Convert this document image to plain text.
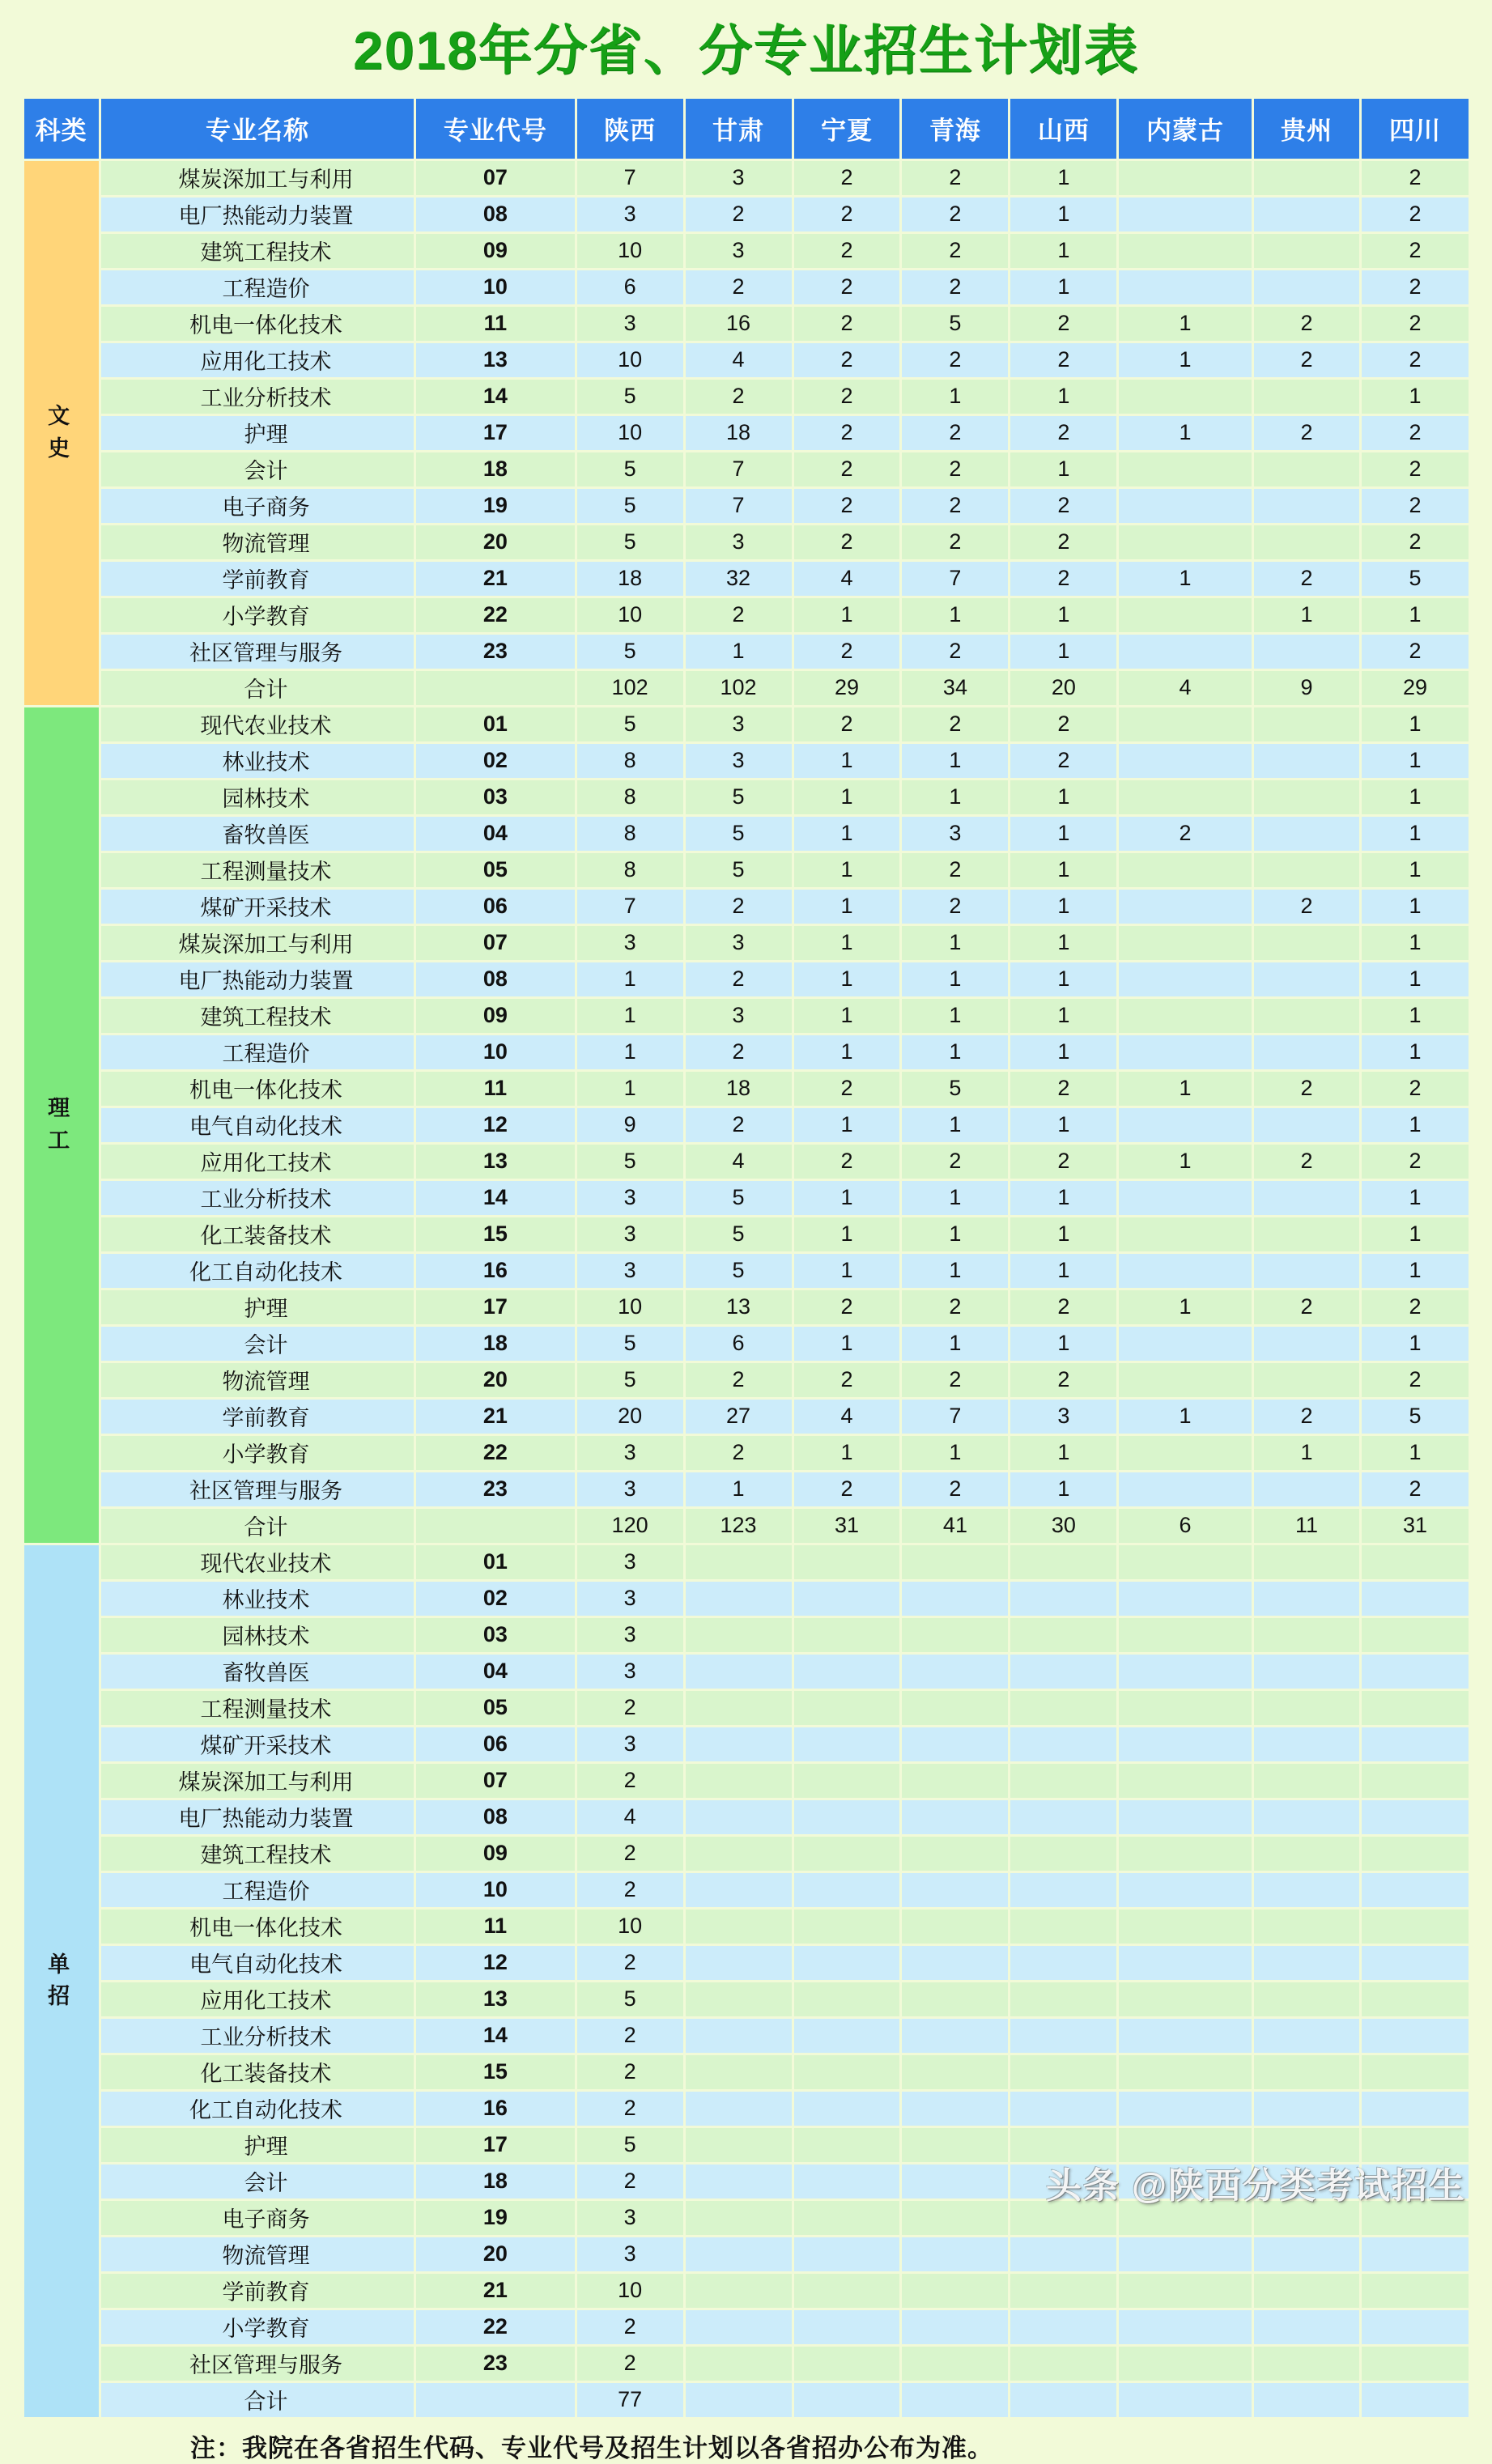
2018年分省、分专业招生计划表
科类	专业名称	专业代号	陕西	甘肃	宁夏	青海	山西	内蒙古	贵州	四川

文
史	煤炭深加工与利用	07	7	3	2	2	1			2
	电厂热能动力装置	08	3	2	2	2	1			2
	建筑工程技术	09	10	3	2	2	1			2
	工程造价	10	6	2	2	2	1			2
	机电一体化技术	11	3	16	2	5	2	1	2	2
	应用化工技术	13	10	4	2	2	2	1	2	2
	工业分析技术	14	5	2	2	1	1			1
	护理	17	10	18	2	2	2	1	2	2
	会计	18	5	7	2	2	1			2
	电子商务	19	5	7	2	2	2			2
	物流管理	20	5	3	2	2	2			2
	学前教育	21	18	32	4	7	2	1	2	5
	小学教育	22	10	2	1	1	1		1	1
	社区管理与服务	23	5	1	2	2	1			2
	合计		102	102	29	34	20	4	9	29

理
工	现代农业技术	01	5	3	2	2	2			1
	林业技术	02	8	3	1	1	2			1
	园林技术	03	8	5	1	1	1			1
	畜牧兽医	04	8	5	1	3	1	2		1
	工程测量技术	05	8	5	1	2	1			1
	煤矿开采技术	06	7	2	1	2	1		2	1
	煤炭深加工与利用	07	3	3	1	1	1			1
	电厂热能动力装置	08	1	2	1	1	1			1
	建筑工程技术	09	1	3	1	1	1			1
	工程造价	10	1	2	1	1	1			1
	机电一体化技术	11	1	18	2	5	2	1	2	2
	电气自动化技术	12	9	2	1	1	1			1
	应用化工技术	13	5	4	2	2	2	1	2	2
	工业分析技术	14	3	5	1	1	1			1
	化工装备技术	15	3	5	1	1	1			1
	化工自动化技术	16	3	5	1	1	1			1
	护理	17	10	13	2	2	2	1	2	2
	会计	18	5	6	1	1	1			1
	物流管理	20	5	2	2	2	2			2
	学前教育	21	20	27	4	7	3	1	2	5
	小学教育	22	3	2	1	1	1		1	1
	社区管理与服务	23	3	1	2	2	1			2
	合计		120	123	31	41	30	6	11	31

单
招	现代农业技术	01	3							
	林业技术	02	3							
	园林技术	03	3							
	畜牧兽医	04	3							
	工程测量技术	05	2							
	煤矿开采技术	06	3							
	煤炭深加工与利用	07	2							
	电厂热能动力装置	08	4							
	建筑工程技术	09	2							
	工程造价	10	2							
	机电一体化技术	11	10							
	电气自动化技术	12	2							
	应用化工技术	13	5							
	工业分析技术	14	2							
	化工装备技术	15	2							
	化工自动化技术	16	2							
	护理	17	5							
	会计	18	2							
	电子商务	19	3							
	物流管理	20	3							
	学前教育	21	10							
	小学教育	22	2							
	社区管理与服务	23	2							
	合计		77							
注：我院在各省招生代码、专业代号及招生计划以各省招办公布为准。
头条 @陕西分类考试招生
